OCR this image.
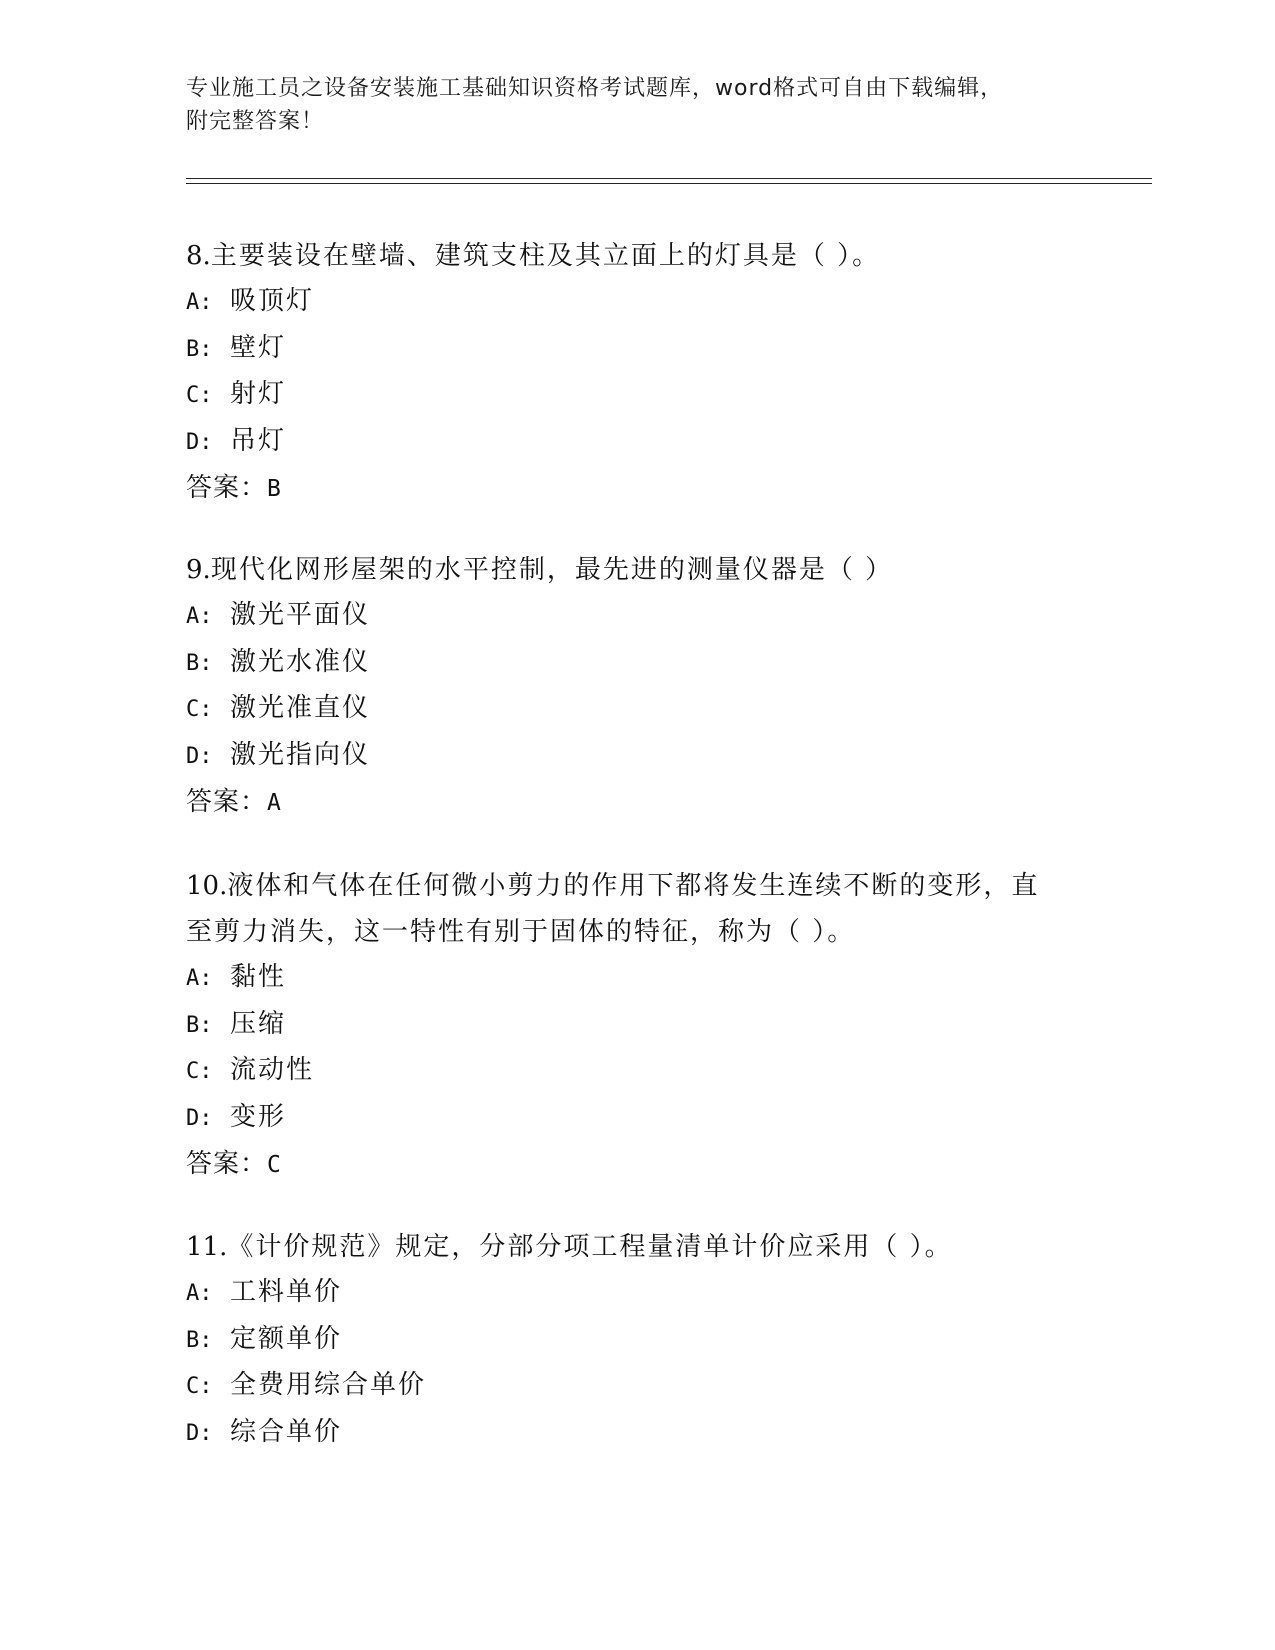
专业施工员之设备安装施工基础知识资格考试题库，word格式可自由下载编辑，
附完整答案！

8.主要装设在壁墙、建筑支柱及其立面上的灯具是（ ）。

A: 吸顶灯
B: 壁灯
C: 射灯
D: 吊灯
答案：B

9.现代化网形屋架的水平控制，最先进的测量仪器是（ ）

A: 激光平面仪
B: 激光水准仪
C: 激光准直仪
D: 激光指向仪
答案：A

10.液体和气体在任何微小剪力的作用下都将发生连续不断的变形，直

至剪力消失，这一特性有别于固体的特征，称为（ ）。

A: 黏性
B: 压缩
C: 流动性
D: 变形
答案：C

11.《计价规范》规定，分部分项工程量清单计价应采用（ ）。

A: 工料单价
B: 定额单价
C: 全费用综合单价
D: 综合单价
